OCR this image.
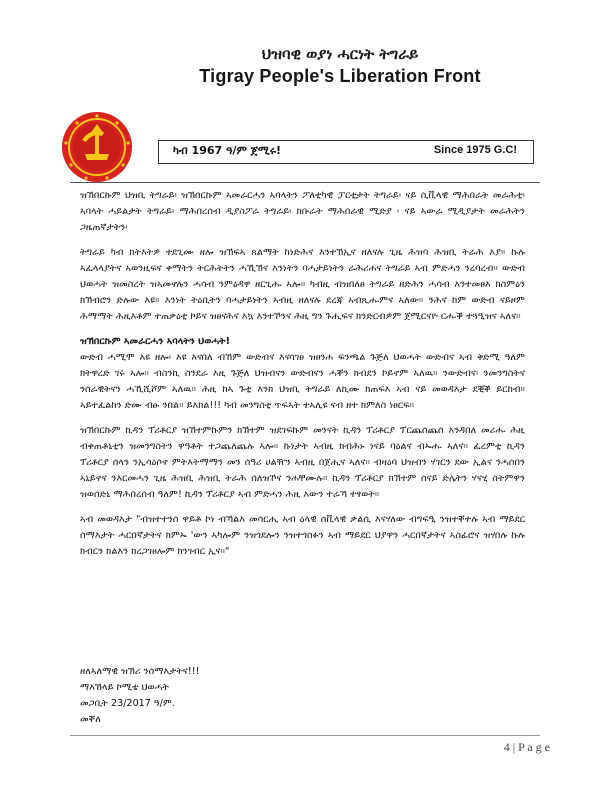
ህዝባዊ ወያነ ሓርነት ትግራይ
Tigray People's Liberation Front
ካብ 1967 ዓ/ም ጀሚሩ!	Since 1975 G.C!

ዝኽበርኩም ህዝቢ ትግራይ፡ ዝኽበርኩም ኣመራርሓን ኣባላትን ፖለቲካዊ ፓርቲታት ትግራይ፡ ናይ ሲቪላዊ ማሕበራት መራሕቲ፡ ኣባላት ሓይልታት ትግራይ፡ ማሕበረሰብ ዲያስፖራ ትግራይ፡ ክቡራት ማሕበራዊ ሚድያ ፡ ናይ ኣውራ ሚዲያታት መራሕትን ጋዜጠኛታትን፡

ትግራይ ካብ ክትእትዎ ተደጊሙ ዘሎ ዝኽፍኣ ጸልማት ከነድሕና እንተኽኢና ዘለናሉ ጊዜ ሕዝባ ሕዝቢ ትራሕ እያ። ኩሉ ኣፈላላያትና ኣወንዚፍና ቀማትን ትርሕትትን ሓኺኽና እንነትን ባሓታይነትን ራሕሪሐና ትግራይ ኣብ ምድሓን ንረባረብ። ውድብ ህወሓት ዝመስረት ዝኣመኖሉን ሓሳብ ንምዕዳዋ ዘርጊሑ ኣሎ። ካብዚ ብዝበለፀ ትግራይ ዘድሕን ሓሳብ እንተመፀእ ክስምዕን ክኽብሮን ድሉው እዩ። እንነት ትዕቢትን ባሓታይነትን ኣብዚ ዘለናሉ ደረጃ ኣብጺሑምና ኣለው። ንሕና ከም ውድብ ናይዞም ሕማማት ሕዚእቶም ተጠቃዕቲ ኮይና ዝፀናሕና እኳ እንተኾንና ሕዚ ግን ጉሒፍና ክንድርብዎም ጀሚርናዮ ርሑቕ ተጓዒዝና ኣለና።

ዝኽበርኩም ኣመራርሓን ኣባላትን ህወሓት!
ውድብ ሓሚሞ እዩ ዘሎ፡ እዩ እናበለ ብኸም ውድብና እናሳገፀ ዝፀንሐ ፍንጫል ጉጅለ ህወሓት ውድብና ኣብ ቅድሚ ዓለም ክትዋረድ ገሩ ኣሎ። ብስንኪ ስንደራ እዚ ጉጅለ ህዝብናን ውድብናን ሓቐን ክብደን ኮይኖም ኣለዉ። ንውድብና፡ ንመንግስትና ንሰራዊትናን ሓኺሺሾም ኣለዉ። ሕዚ ከኣ ጉቲ እንክ ህዝቢ ትግራይ ለኪሙ ክጠፍእ ኣብ ናይ መወዳእታ ደቒቕ ይርከብ። ኣይተፈልከን ድሙ ብፁ ንበል። ይእክል!!! ካብ መንግስቲ ጥፍኣት ተኣሊዩ ናብ ዘተ ክምለስ ነፀርፍ።

ዝኽበርኩም ኪዳን ፕሪቶርያ ዝኸተምኩምን ክኽተም ዝደገፍኩም መንናት ኪዳን ፕሪቶርያ ፕርጨሰጨሰ እንዳበለ መሪሑ ሕዚ ብቀጠቶኒቲን ዝመንግስትን ዋዓቶት ተጋጨለጨሉ ኣሎ። ኩነታት ኣብዚ ክብሕኑ ነናይ ባዕልና ብኡሑ ኣለና። ፈረምቲ ኪዳን ፕሪቶርያ ሰላን ንኢሳዕሶኖ ምትእትማማን መን ሰዓሪ ሀልዥን ኣብዚ በጀሒና ኣለና። ብዛዕባ ህዝብን ሃገርን ደው ኢልና ንሓሰበን ኣኒይኖና ንእርመሓን ጊዜ ሕዝቢ ሕዝቢ ትራሕ ሰለዝኾና ንሐቸሙሉ። ኪዳን ፕሪቶርያ ክኽተም ሰናይ ድሌትን ሃናሂ ስትምዋን ዝወሰድኒ ማሕበረሰብ ዓለም! ኪዳን ፕሪቶርያ ኣብ ምድሓን ሕዚ እውን ተራኻ ተፃወት።

ኣብ መወዳእታ "ብዝተተንሰ ዋይቶ ኮነ ብኻልእ መሳርሒ ኣብ ዕላዊ ሰቪላዊ ቃልሲ እናሃለው ብግፍዒ ንዝተቐተሉ ኣብ ማይደር ሰማእታት ሓርበኛታትና ክምኡ 'ውን ኣካሎም ንዝጎደሎን ንዝተጎሰፉን ኣብ ማይደር ህያዋን ሓርበኛታትና ኣስፊሮና ዝሃበሉ ኩሉ ክብርን ክልእን ክረጋገፀሎም ክንገብር ኢና።"

ዘለኣለማዊ ዝኽሪ ንሰማእታትና!!!
ማእኸላይ ኮሚቴ ህወሓት
መጋቢት 23/2017 ዓ/ም.
መቐለ
4 | P a g e
